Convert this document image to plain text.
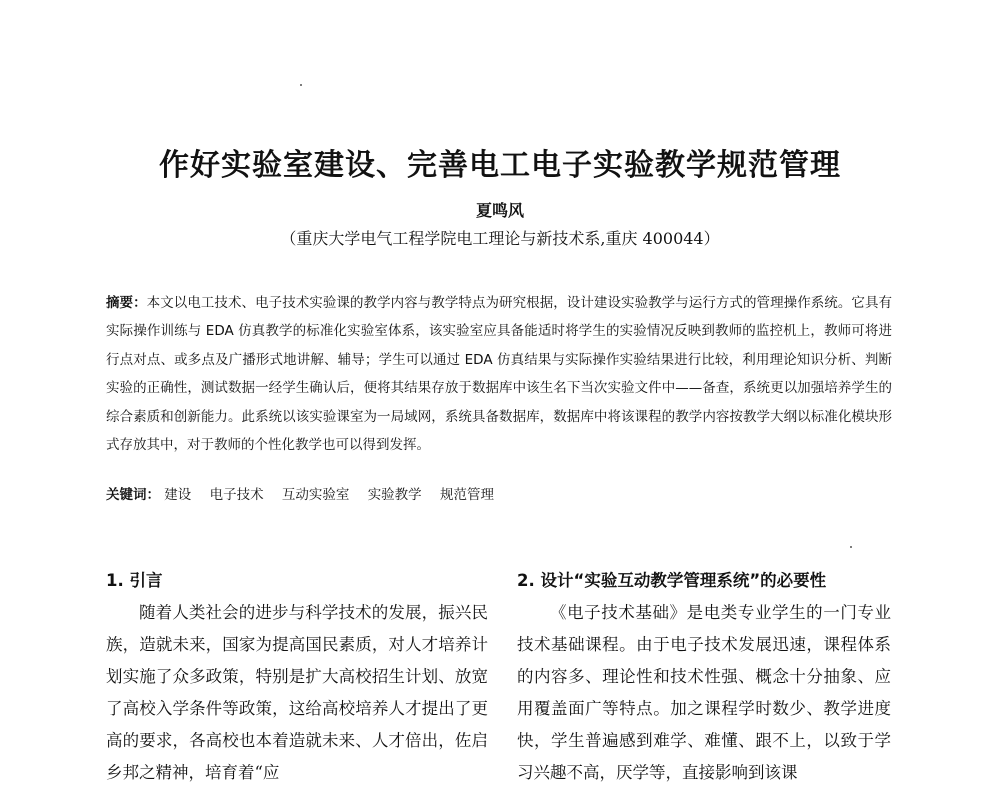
作好实验室建设、完善电工电子实验教学规范管理
夏鸣风
（重庆大学电气工程学院电工理论与新技术系,重庆 400044）
摘要：本文以电工技术、电子技术实验课的教学内容与教学特点为研究根据，设计建设实验教学与运行方式的管理操作系统。它具有实际操作训练与 EDA 仿真教学的标准化实验室体系，该实验室应具备能适时将学生的实验情况反映到教师的监控机上，教师可将进行点对点、或多点及广播形式地讲解、辅导；学生可以通过 EDA 仿真结果与实际操作实验结果进行比较，利用理论知识分析、判断实验的正确性，测试数据一经学生确认后，便将其结果存放于数据库中该生名下当次实验文件中——备查，系统更以加强培养学生的综合素质和创新能力。此系统以该实验课室为一局域网，系统具备数据库，数据库中将该课程的教学内容按教学大纲以标准化模块形式存放其中，对于教师的个性化教学也可以得到发挥。
关键词： 建设 电子技术 互动实验室 实验教学 规范管理
1. 引言

随着人类社会的进步与科学技术的发展，振兴民族，造就未来，国家为提高国民素质，对人才培养计划实施了众多政策，特别是扩大高校招生计划、放宽了高校入学条件等政策，这给高校培养人才提出了更高的要求，各高校也本着造就未来、人才倍出，佐启乡邦之精神，培育着“应

2. 设计“实验互动教学管理系统”的必要性

《电子技术基础》是电类专业学生的一门专业技术基础课程。由于电子技术发展迅速，课程体系的内容多、理论性和技术性强、概念十分抽象、应用覆盖面广等特点。加之课程学时数少、教学进度快，学生普遍感到难学、难懂、跟不上，以致于学习兴趣不高，厌学等，直接影响到该课
